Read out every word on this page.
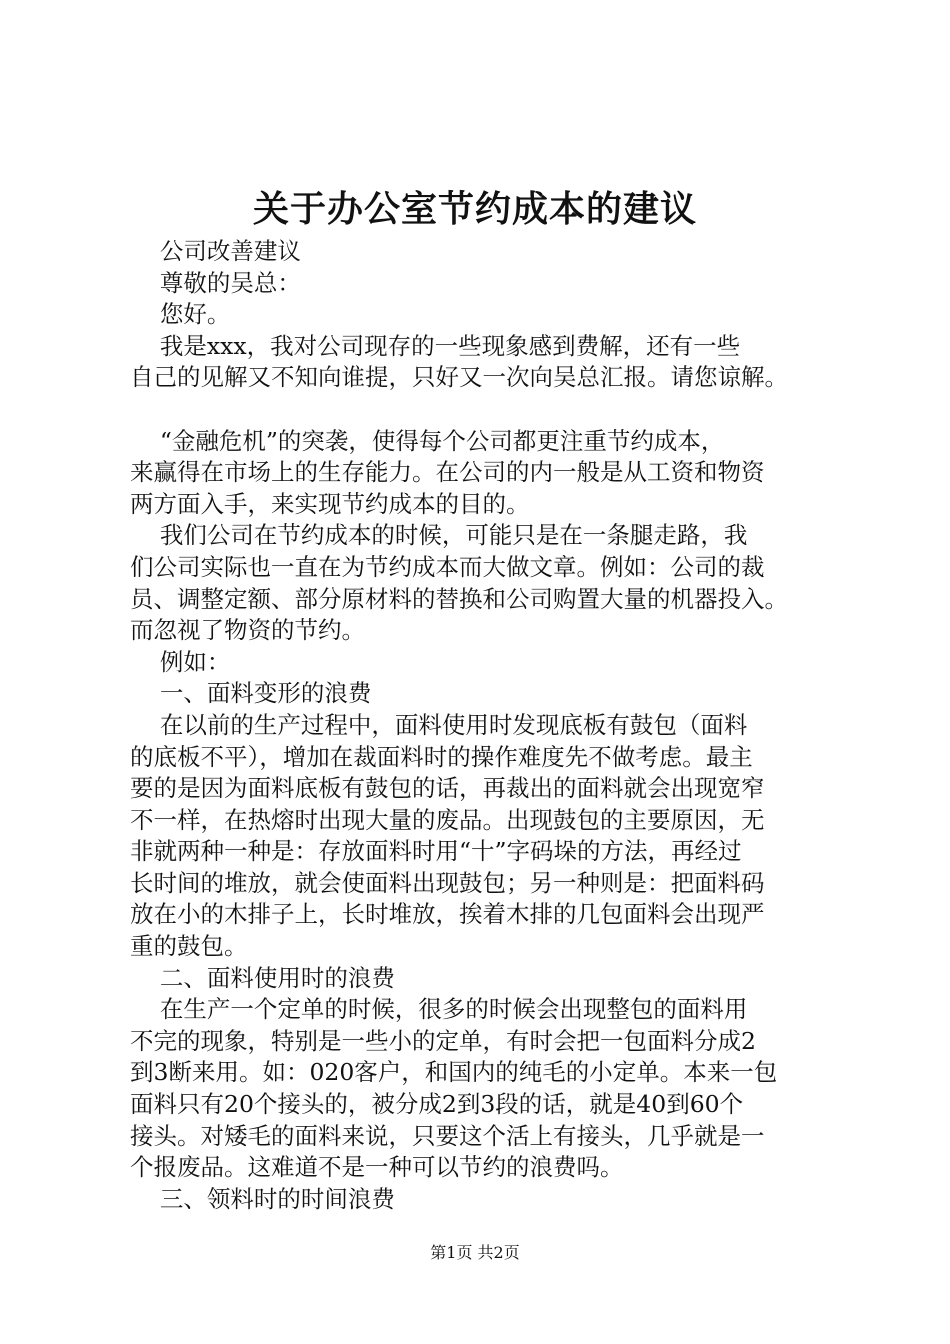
关于办公室节约成本的建议

公司改善建议

尊敬的吴总：

您好。

我是xxx，我对公司现存的一些现象感到费解，还有一些

自己的见解又不知向谁提，只好又一次向吴总汇报。请您谅解。

“金融危机”的突袭，使得每个公司都更注重节约成本，

来赢得在市场上的生存能力。在公司的内一般是从工资和物资

两方面入手，来实现节约成本的目的。

我们公司在节约成本的时候，可能只是在一条腿走路，我

们公司实际也一直在为节约成本而大做文章。例如：公司的裁

员、调整定额、部分原材料的替换和公司购置大量的机器投入。

而忽视了物资的节约。

例如：

一、面料变形的浪费

在以前的生产过程中，面料使用时发现底板有鼓包（面料

的底板不平），增加在裁面料时的操作难度先不做考虑。最主

要的是因为面料底板有鼓包的话，再裁出的面料就会出现宽窄

不一样，在热熔时出现大量的废品。出现鼓包的主要原因，无

非就两种一种是：存放面料时用“十”字码垛的方法，再经过

长时间的堆放，就会使面料出现鼓包；另一种则是：把面料码

放在小的木排子上，长时堆放，挨着木排的几包面料会出现严

重的鼓包。

二、面料使用时的浪费

在生产一个定单的时候，很多的时候会出现整包的面料用

不完的现象，特别是一些小的定单，有时会把一包面料分成2

到3断来用。如：020客户，和国内的纯毛的小定单。本来一包

面料只有20个接头的，被分成2到3段的话，就是40到60个

接头。对矮毛的面料来说，只要这个活上有接头，几乎就是一

个报废品。这难道不是一种可以节约的浪费吗。

三、领料时的时间浪费

第1页 共2页
